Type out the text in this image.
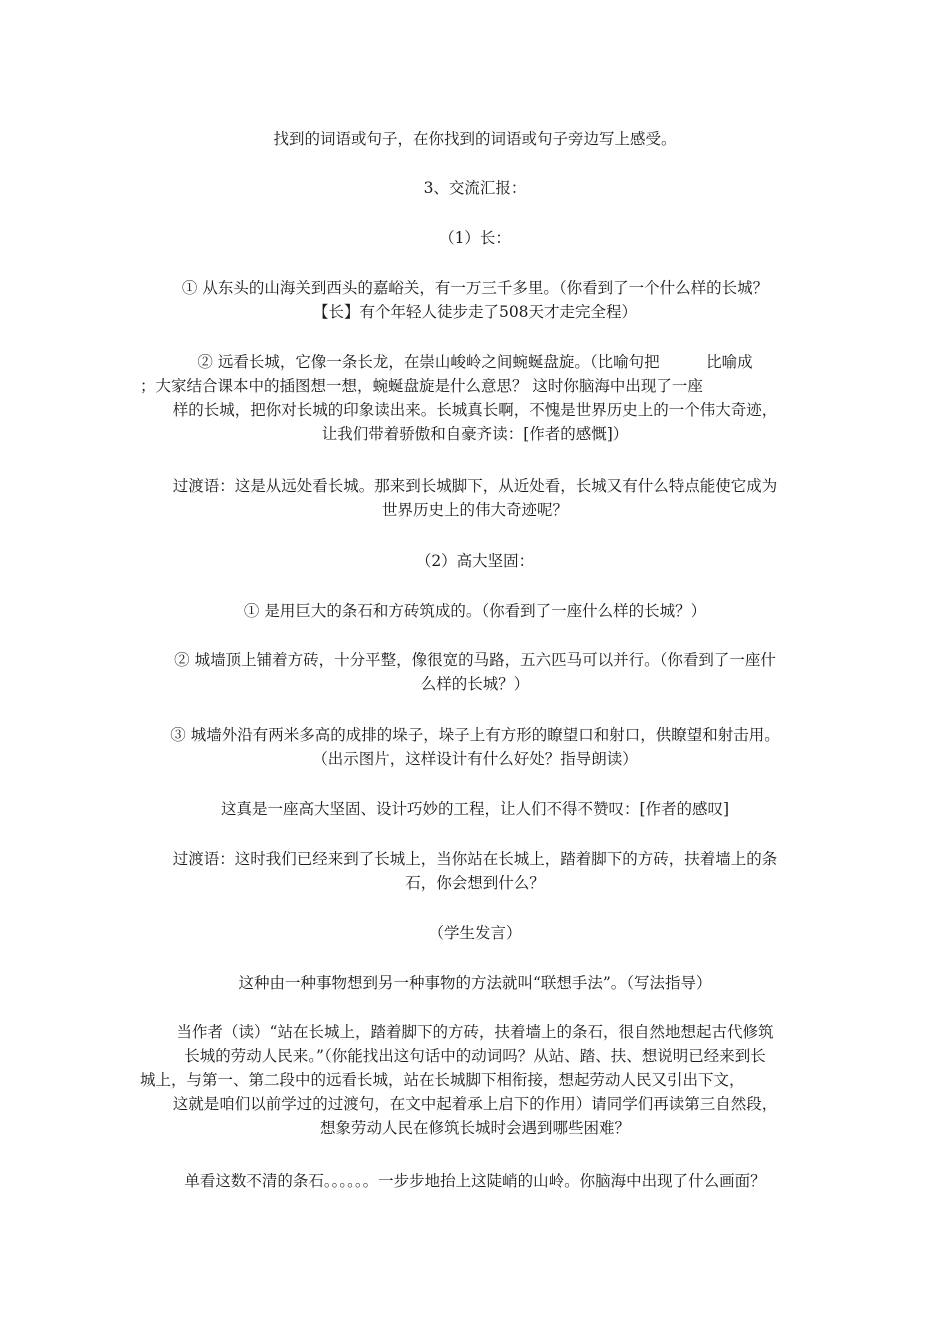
找到的词语或句子，在你找到的词语或句子旁边写上感受。
3、交流汇报：
（1）长：
① 从东头的山海关到西头的嘉峪关，有一万三千多里。（你看到了一个什么样的长城？
【长】有个年轻人徒步走了508天才走完全程）
② 远看长城，它像一条长龙，在崇山峻岭之间蜿蜒盘旋。（比喻句把　　　比喻成
；大家结合课本中的插图想一想，蜿蜒盘旋是什么意思？ 这时你脑海中出现了一座
样的长城，把你对长城的印象读出来。长城真长啊，不愧是世界历史上的一个伟大奇迹，
让我们带着骄傲和自豪齐读：[作者的感慨]）
过渡语：这是从远处看长城。那来到长城脚下，从近处看，长城又有什么特点能使它成为
世界历史上的伟大奇迹呢？
（2）高大坚固：
① 是用巨大的条石和方砖筑成的。（你看到了一座什么样的长城？）
② 城墙顶上铺着方砖，十分平整，像很宽的马路，五六匹马可以并行。（你看到了一座什
么样的长城？）
③ 城墙外沿有两米多高的成排的垛子，垛子上有方形的瞭望口和射口，供瞭望和射击用。
（出示图片，这样设计有什么好处？指导朗读）
这真是一座高大坚固、设计巧妙的工程，让人们不得不赞叹：[作者的感叹]
过渡语：这时我们已经来到了长城上，当你站在长城上，踏着脚下的方砖，扶着墙上的条
石，你会想到什么？
（学生发言）
这种由一种事物想到另一种事物的方法就叫“联想手法”。（写法指导）
当作者（读）“站在长城上，踏着脚下的方砖，扶着墙上的条石，很自然地想起古代修筑
长城的劳动人民来。”（你能找出这句话中的动词吗？从站、踏、扶、想说明已经来到长
城上，与第一、第二段中的远看长城，站在长城脚下相衔接，想起劳动人民又引出下文，
这就是咱们以前学过的过渡句，在文中起着承上启下的作用）请同学们再读第三自然段，
想象劳动人民在修筑长城时会遇到哪些困难？
单看这数不清的条石。。。。。。一步步地抬上这陡峭的山岭。你脑海中出现了什么画面？
